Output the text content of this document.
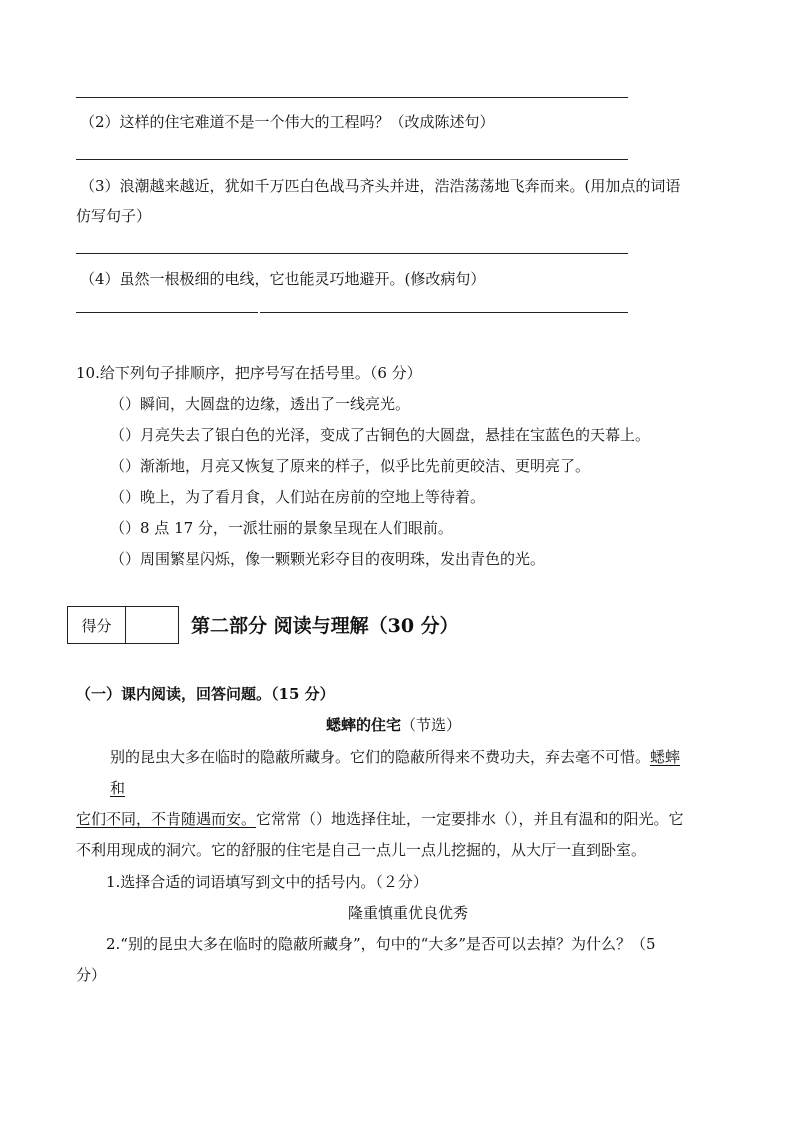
（2）这样的住宅难道不是一个伟大的工程吗？（改成陈述句）
（3）浪潮越来越近，犹如千万匹白色战马齐头并进，浩浩荡荡地飞奔而来。(用加点的词语
仿写句子）
（4）虽然一根极细的电线，它也能灵巧地避开。(修改病句）
10.给下列句子排顺序，把序号写在括号里。（6 分）
（）瞬间，大圆盘的边缘，透出了一线亮光。
（）月亮失去了银白色的光泽，变成了古铜色的大圆盘，悬挂在宝蓝色的天幕上。
（）渐渐地，月亮又恢复了原来的样子，似乎比先前更皎洁、更明亮了。
（）晚上，为了看月食，人们站在房前的空地上等待着。
（）8 点 17 分，一派壮丽的景象呈现在人们眼前。
（）周围繁星闪烁，像一颗颗光彩夺目的夜明珠，发出青色的光。
得分	第二部分 阅读与理解（30 分）
（一）课内阅读，回答问题。（15 分）
蟋蟀的住宅（节选）
别的昆虫大多在临时的隐蔽所藏身。它们的隐蔽所得来不费功夫，弃去毫不可惜。蟋蟀
和
它们不同，不肯随遇而安。它常常（）地选择住址，一定要排水（），并且有温和的阳光。它
不利用现成的洞穴。它的舒服的住宅是自己一点儿一点儿挖掘的，从大厅一直到卧室。
1.选择合适的词语填写到文中的括号内。（２分）
隆重慎重优良优秀
2.“别的昆虫大多在临时的隐蔽所藏身”，句中的“大多”是否可以去掉？为什么？（5
分）
